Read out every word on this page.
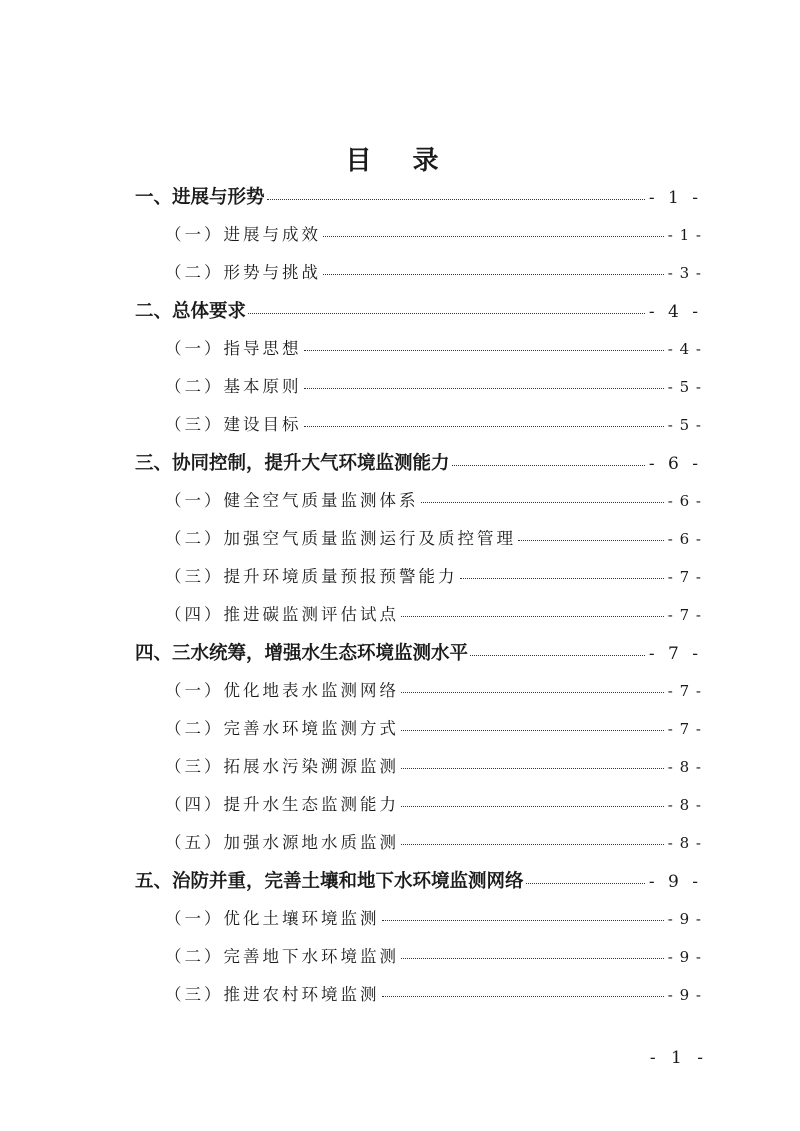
目 录
一、进展与形势	- 1 -
（一）进展与成效	- 1 -
（二）形势与挑战	- 3 -
二、总体要求	- 4 -
（一）指导思想	- 4 -
（二）基本原则	- 5 -
（三）建设目标	- 5 -
三、协同控制，提升大气环境监测能力	- 6 -
（一）健全空气质量监测体系	- 6 -
（二）加强空气质量监测运行及质控管理	- 6 -
（三）提升环境质量预报预警能力	- 7 -
（四）推进碳监测评估试点	- 7 -
四、三水统筹，增强水生态环境监测水平	- 7 -
（一）优化地表水监测网络	- 7 -
（二）完善水环境监测方式	- 7 -
（三）拓展水污染溯源监测	- 8 -
（四）提升水生态监测能力	- 8 -
（五）加强水源地水质监测	- 8 -
五、治防并重，完善土壤和地下水环境监测网络	- 9 -
（一）优化土壤环境监测	- 9 -
（二）完善地下水环境监测	- 9 -
（三）推进农村环境监测	- 9 -
- 1 -
